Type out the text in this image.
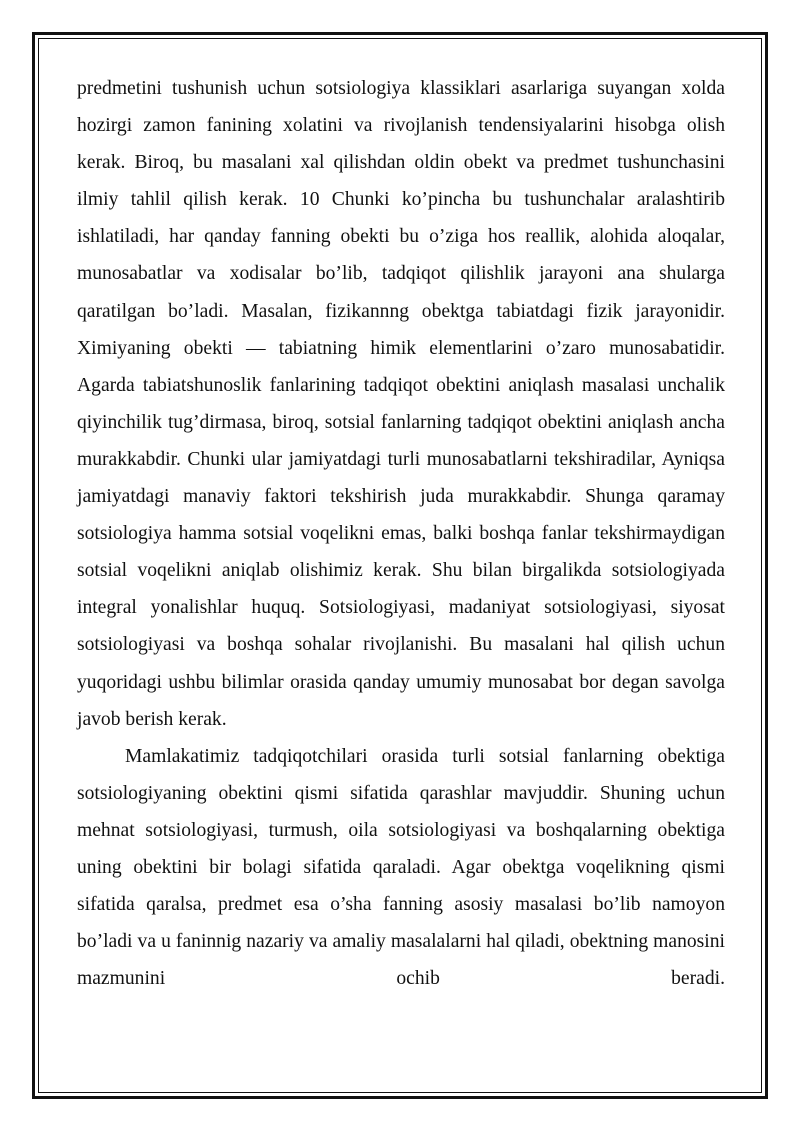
predmetini tushunish uchun sotsiologiya klassiklari asarlariga suyangan xolda hozirgi zamon fanining xolatini va rivojlanish tendensiyalarini hisobga olish kerak. Biroq, bu masalani xal qilishdan oldin obekt va predmet tushunchasini ilmiy tahlil qilish kerak. 10 Chunki ko’pincha bu tushunchalar aralashtirib ishlatiladi, har qanday fanning obekti bu o’ziga hos reallik, alohida aloqalar, munosabatlar va xodisalar bo’lib, tadqiqot qilishlik jarayoni ana shularga qaratilgan bo’ladi. Masalan, fizikannng obektga tabiatdagi fizik jarayonidir. Ximiyaning obekti — tabiatning himik elementlarini o’zaro munosabatidir. Agarda tabiatshunoslik fanlarining tadqiqot obektini aniqlash masalasi unchalik qiyinchilik tug’dirmasa, biroq, sotsial fanlarning tadqiqot obektini aniqlash ancha murakkabdir. Chunki ular jamiyatdagi turli munosabatlarni tekshiradilar, Ayniqsa jamiyatdagi manaviy faktori tekshirish juda murakkabdir. Shunga qaramay sotsiologiya hamma sotsial voqelikni emas, balki boshqa fanlar tekshirmaydigan sotsial voqelikni aniqlab olishimiz kerak. Shu bilan birgalikda sotsiologiyada integral yonalishlar huquq. Sotsiologiyasi, madaniyat sotsiologiyasi, siyosat sotsiologiyasi va boshqa sohalar rivojlanishi. Bu masalani hal qilish uchun yuqoridagi ushbu bilimlar orasida qanday umumiy munosabat bor degan savolga javob berish kerak.

Mamlakatimiz tadqiqotchilari orasida turli sotsial fanlarning obektiga sotsiologiyaning obektini qismi sifatida qarashlar mavjuddir. Shuning uchun mehnat sotsiologiyasi, turmush, oila sotsiologiyasi va boshqalarning obektiga uning obektini bir bolagi sifatida qaraladi. Agar obektga voqelikning qismi sifatida qaralsa, predmet esa o’sha fanning asosiy masalasi bo’lib namoyon bo’ladi va u faninnig nazariy va amaliy masalalarni hal qiladi, obektning manosini mazmunini ochib beradi.
